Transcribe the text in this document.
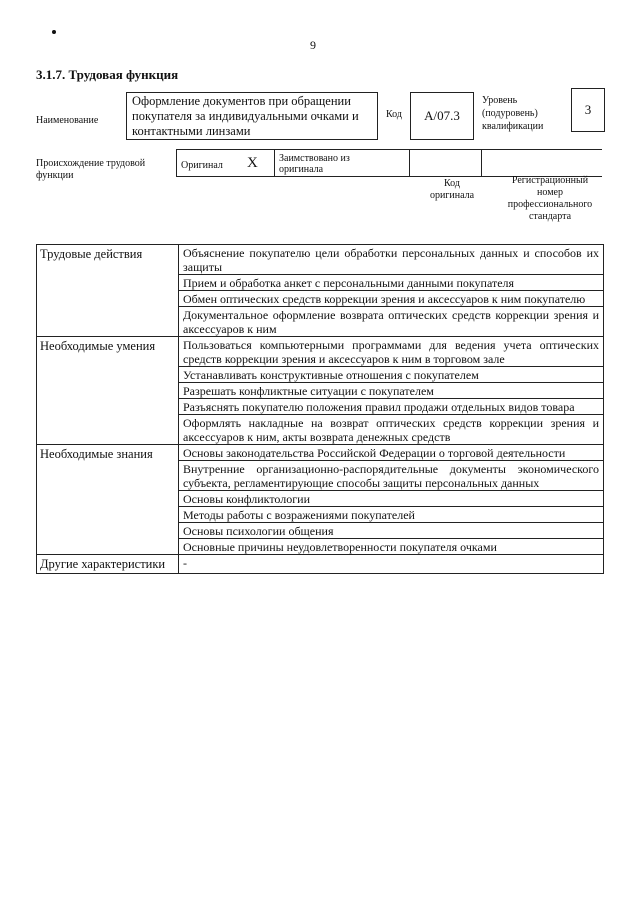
9
3.1.7. Трудовая функция
Наименование
Оформление документов при обращении покупателя за индивидуальными очками и контактными линзами
Код	A/07.3
Уровень
(подуровень)
квалификации
3
Происхождение трудовой
функции
Оригинал X Заимствовано из
оригинала
Код
оригинала
Регистрационный
номер
профессионального
стандарта
Трудовые действия	Объяснение покупателю цели обработки персональных данных и способов их защиты
	Прием и обработка анкет с персональными данными покупателя
	Обмен оптических средств коррекции зрения и аксессуаров к ним покупателю
	Документальное оформление возврата оптических средств коррекции зрения и аксессуаров к ним
Необходимые умения	Пользоваться компьютерными программами для ведения учета оптических средств коррекции зрения и аксессуаров к ним в торговом зале
	Устанавливать конструктивные отношения с покупателем
	Разрешать конфликтные ситуации с покупателем
	Разъяснять покупателю положения правил продажи отдельных видов товара
	Оформлять накладные на возврат оптических средств коррекции зрения и аксессуаров к ним, акты возврата денежных средств
Необходимые знания	Основы законодательства Российской Федерации о торговой деятельности
	Внутренние организационно-распорядительные документы экономического субъекта, регламентирующие способы защиты персональных данных
	Основы конфликтологии
	Методы работы с возражениями покупателей
	Основы психологии общения
	Основные причины неудовлетворенности покупателя очками
Другие характеристики	-
